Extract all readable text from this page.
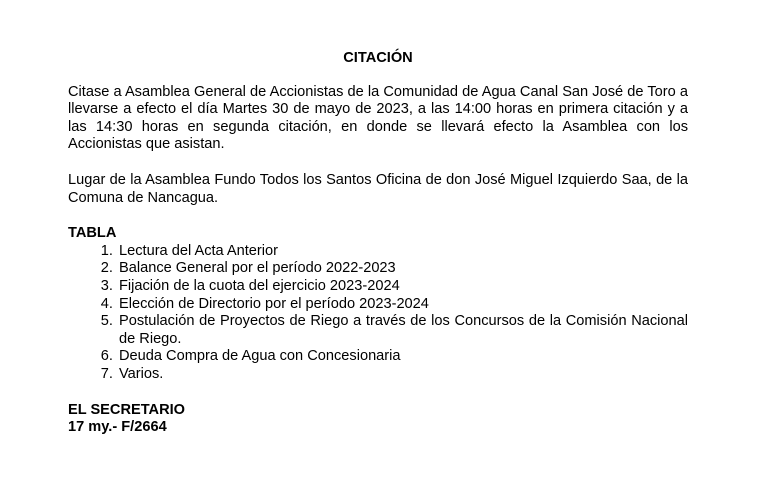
CITACIÓN

Citase a Asamblea General de Accionistas de la Comunidad de Agua Canal San José de Toro a llevarse a efecto el día Martes 30 de mayo de 2023, a las 14:00 horas en primera citación y a las 14:30 horas en segunda citación, en donde se llevará efecto la Asamblea con los Accionistas que asistan.

Lugar de la Asamblea Fundo Todos los Santos Oficina de don José Miguel Izquierdo Saa, de la Comuna de Nancagua.

TABLA

1. Lectura del Acta Anterior
2. Balance General por el período 2022-2023
3. Fijación de la cuota del ejercicio 2023-2024
4. Elección de Directorio por el período 2023-2024
5. Postulación de Proyectos de Riego a través de los Concursos de la Comisión Nacional de Riego.
6. Deuda Compra de Agua con Concesionaria
7. Varios.

EL SECRETARIO

17 my.- F/2664
